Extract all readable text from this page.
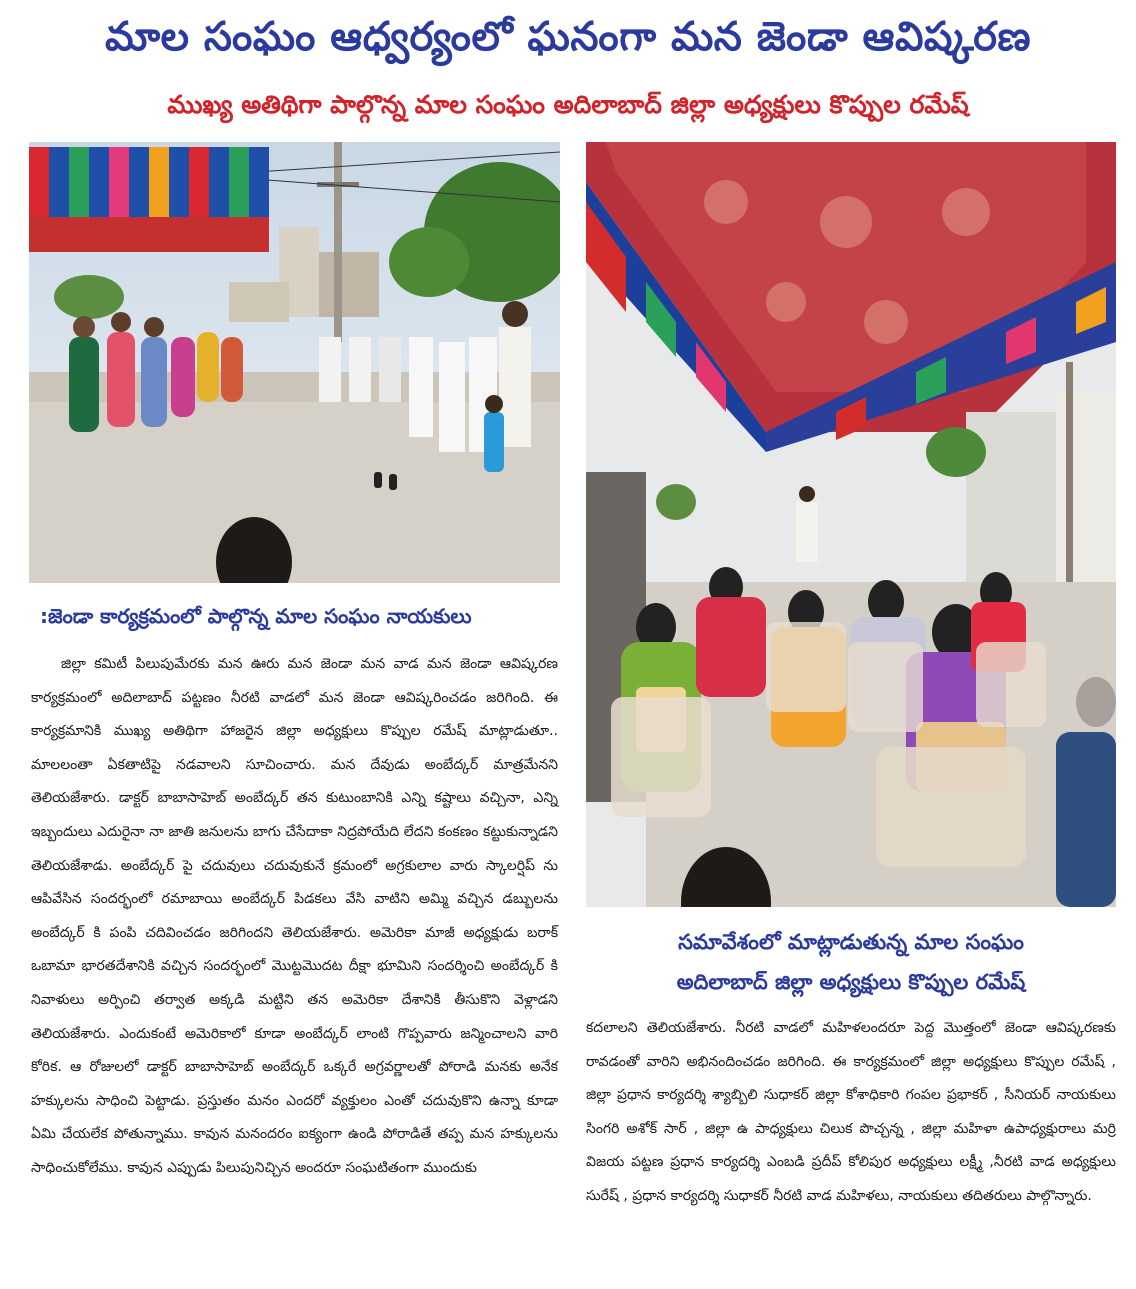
మాల సంఘం ఆధ్వర్యంలో ఘనంగా మన జెండా ఆవిష్కరణ
ముఖ్య అతిథిగా పాల్గొన్న మాల సంఘం అదిలాబాద్ జిల్లా అధ్యక్షులు కొప్పుల రమేష్
:జెండా కార్యక్రమంలో పాల్గొన్న మాల సంఘం నాయకులు
సమావేశంలో మాట్లాడుతున్న మాల సంఘం
అదిలాబాద్ జిల్లా అధ్యక్షులు కొప్పుల రమేష్
జిల్లా కమిటీ పిలుపుమేరకు మన ఊరు మన జెండా మన వాడ మన జెండా ఆవిష్కరణ కార్యక్రమంలో అదిలాబాద్ పట్టణం నీరటి వాడలో మన జెండా ఆవిష్కరించడం జరిగింది. ఈ కార్యక్రమానికి ముఖ్య అతిథిగా హాజరైన జిల్లా అధ్యక్షులు కొప్పుల రమేష్ మాట్లాడుతూ.. మాలలంతా ఏకతాటిపై నడవాలని సూచించారు. మన దేవుడు అంబేద్కర్ మాత్రమేనని తెలియజేశారు. డాక్టర్ బాబాసాహెబ్ అంబేద్కర్ తన కుటుంబానికి ఎన్ని కష్టాలు వచ్చినా, ఎన్ని ఇబ్బందులు ఎదురైనా నా జాతి జనులను బాగు చేసేదాకా నిద్రపోయేది లేదని కంకణం కట్టుకున్నాడని తెలియజేశాడు. అంబేద్కర్ పై చదువులు చదువుకునే క్రమంలో అగ్రకులాల వారు స్కాలర్షిప్ ను ఆపివేసిన సందర్భంలో రమాబాయి అంబేద్కర్ పిడకలు వేసి వాటిని అమ్మి వచ్చిన డబ్బులను అంబేద్కర్ కి పంపి చదివించడం జరిగిందని తెలియజేశారు. అమెరికా మాజీ అధ్యక్షుడు బరాక్ ఒబామా భారతదేశానికి వచ్చిన సందర్భంలో మొట్టమొదట దీక్షా భూమిని సందర్శించి అంబేద్కర్ కి నివాళులు అర్పించి తర్వాత అక్కడి మట్టిని తన అమెరికా దేశానికి తీసుకొని వెళ్లాడని తెలియజేశారు. ఎందుకంటే అమెరికాలో కూడా అంబేద్కర్ లాంటి గొప్పవారు జన్మించాలని వారి కోరిక. ఆ రోజులలో డాక్టర్ బాబాసాహెబ్ అంబేద్కర్ ఒక్కరే అగ్రవర్ణాలతో పోరాడి మనకు అనేక హక్కులను సాధించి పెట్టాడు. ప్రస్తుతం మనం ఎందరో వ్యక్తులం ఎంతో చదువుకొని ఉన్నా కూడా ఏమి చేయలేక పోతున్నాము. కావున మనందరం ఐక్యంగా ఉండి పోరాడితే తప్ప మన హక్కులను సాధించుకోలేము. కావున ఎప్పుడు పిలుపునిచ్చిన అందరూ సంఘటితంగా ముందుకు
కదలాలని తెలియజేశారు. నీరటి వాడలో మహిళలందరూ పెద్ద మొత్తంలో జెండా ఆవిష్కరణకు రావడంతో వారిని అభినందించడం జరిగింది. ఈ కార్యక్రమంలో జిల్లా అధ్యక్షులు కొప్పుల రమేష్ , జిల్లా ప్రధాన కార్యదర్శి శ్యాబ్బిలి సుధాకర్ జిల్లా కోశాధికారి గంపల ప్రభాకర్ , సీనియర్ నాయకులు సింగరి అశోక్ సార్ , జిల్లా ఉ పాధ్యక్షులు చిలుక పొచ్చన్న , జిల్లా మహిళా ఉపాధ్యక్షురాలు మర్రి విజయ పట్టణ ప్రధాన కార్యదర్శి ఎంబడి ప్రదీప్ కోలిపుర అధ్యక్షులు లక్ష్మీ ,నీరటి వాడ అధ్యక్షులు సురేష్ , ప్రధాన కార్యదర్శి సుధాకర్ నీరటి వాడ మహిళలు, నాయకులు తదితరులు పాల్గొన్నారు.
